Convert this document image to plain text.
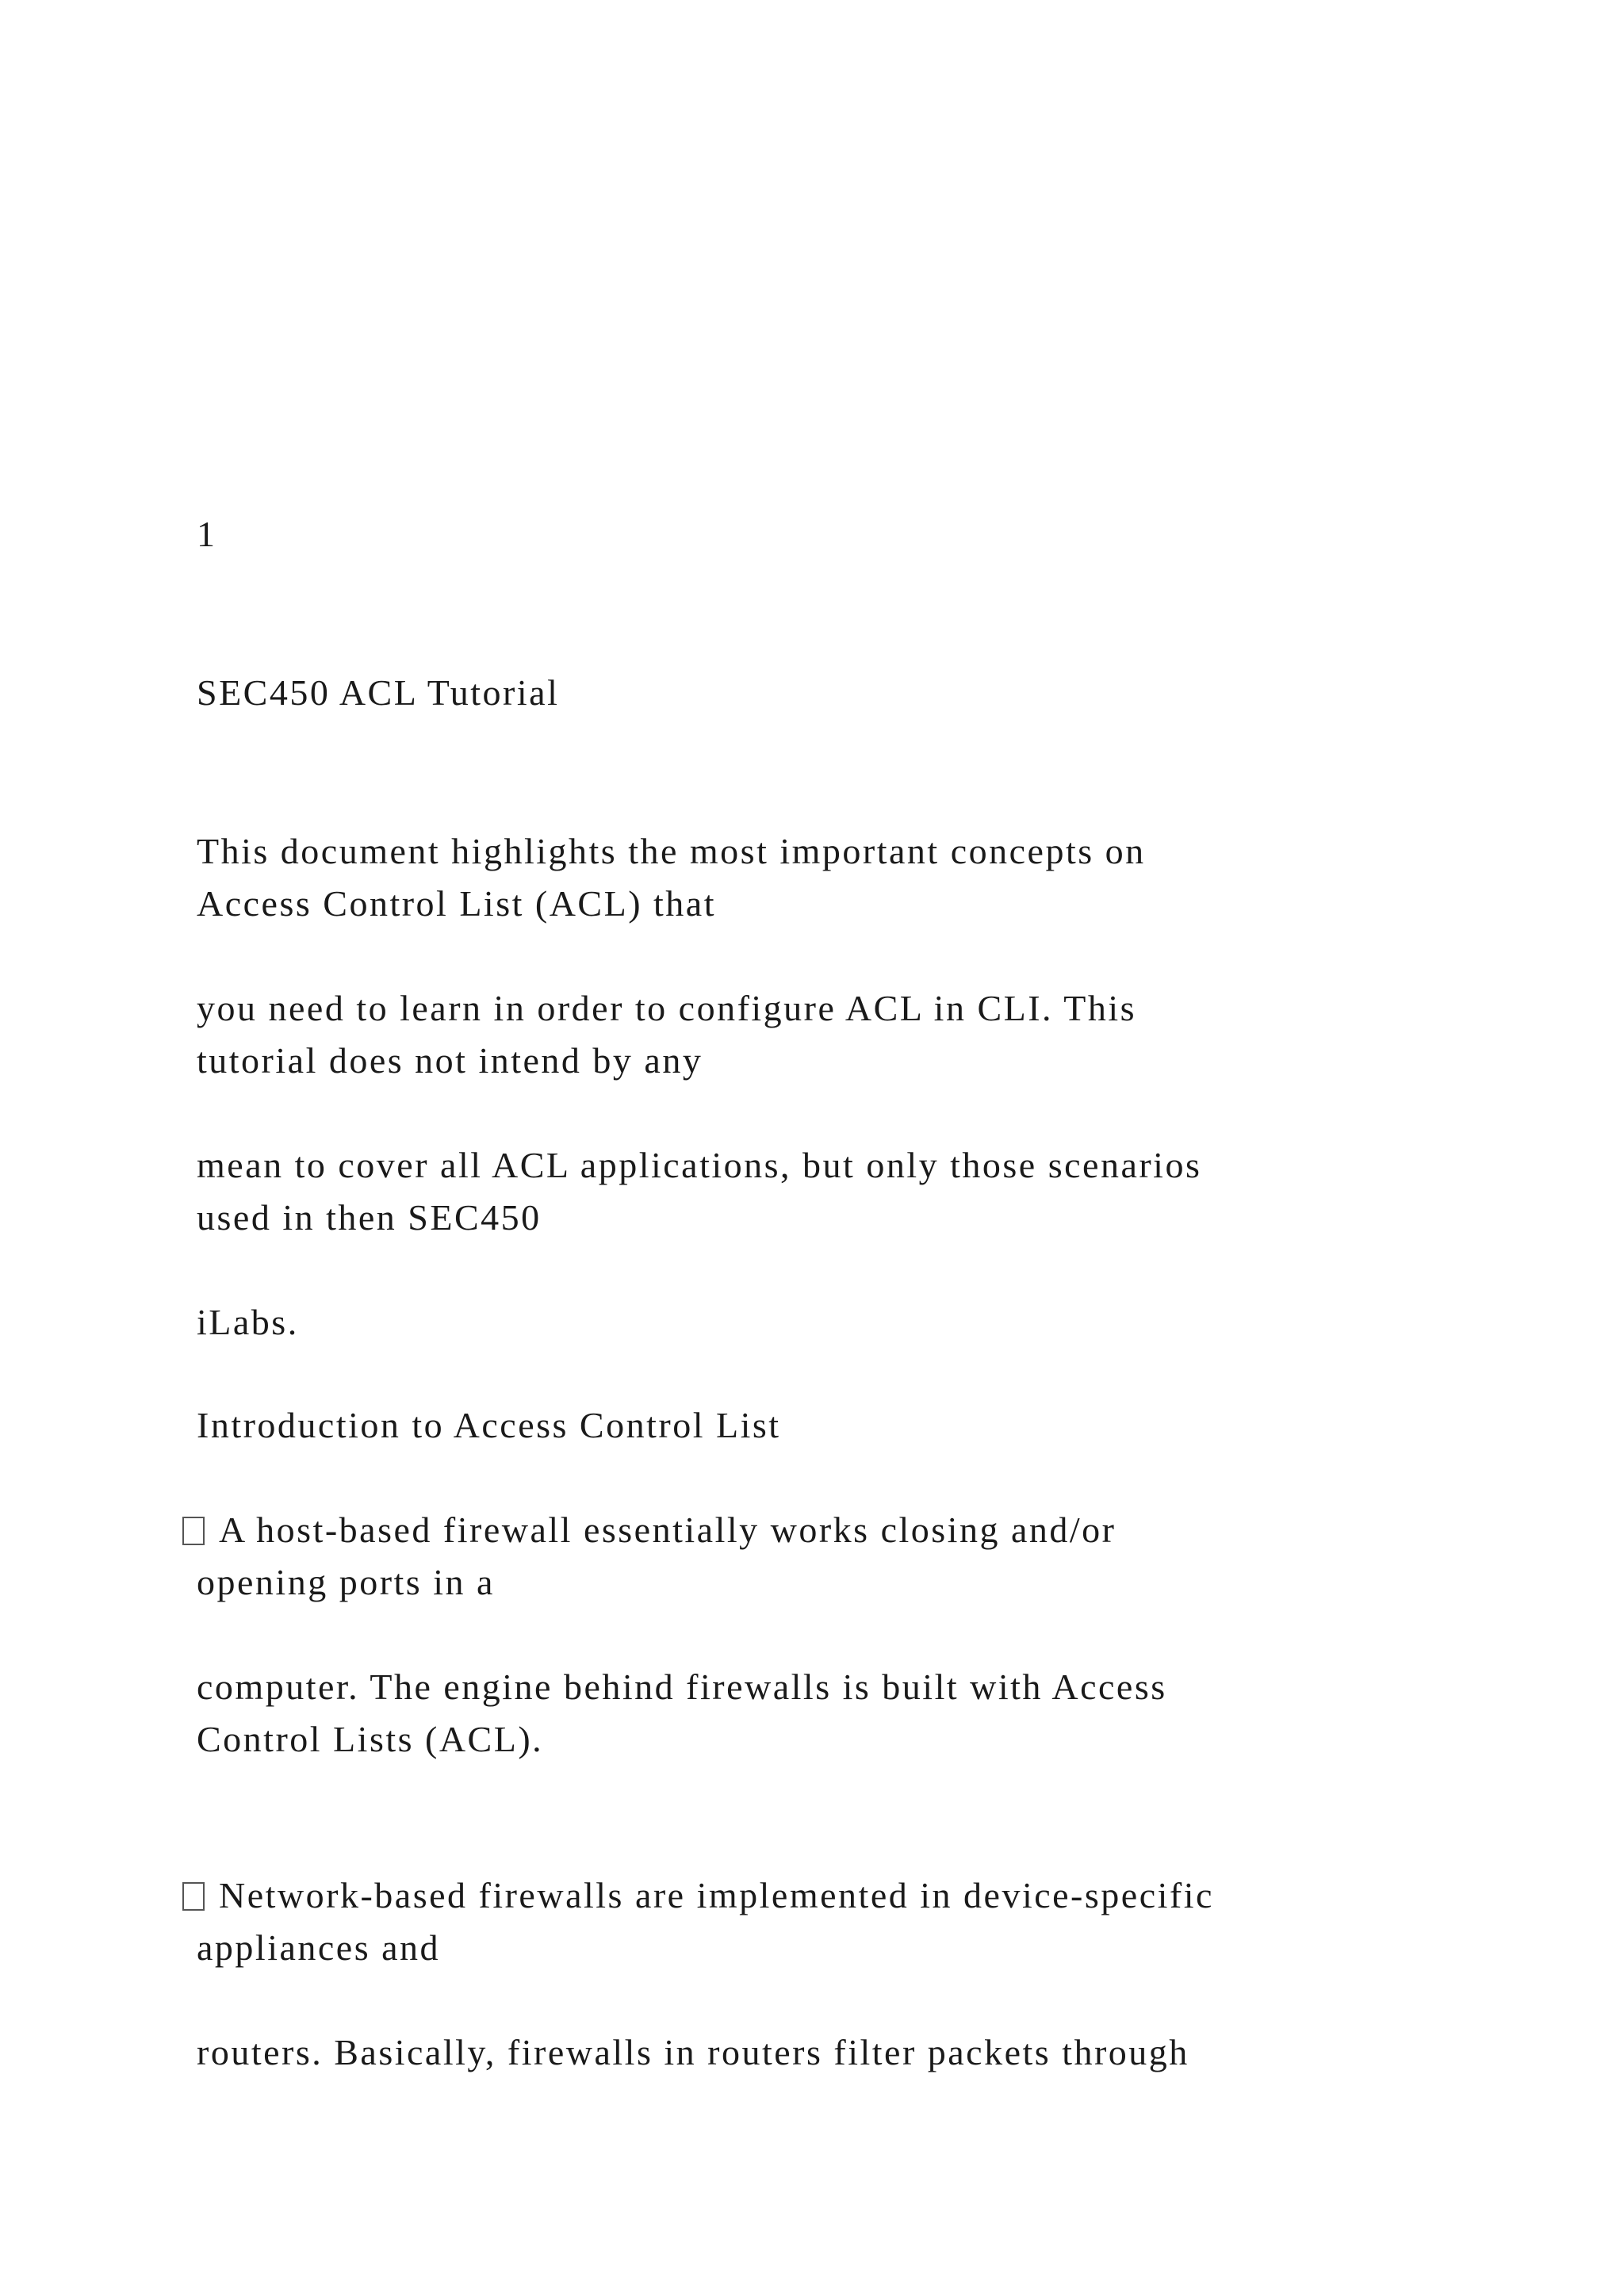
1

SEC450 ACL Tutorial

This document highlights the most important concepts on

Access Control List (ACL) that

you need to learn in order to configure ACL in CLI. This

tutorial does not intend by any

mean to cover all ACL applications, but only those scenarios

used in then SEC450

iLabs.

Introduction to Access Control List

A host-based firewall essentially works closing and/or

opening ports in a

computer. The engine behind firewalls is built with Access

Control Lists (ACL).

Network-based firewalls are implemented in device-specific

appliances and

routers. Basically, firewalls in routers filter packets through
